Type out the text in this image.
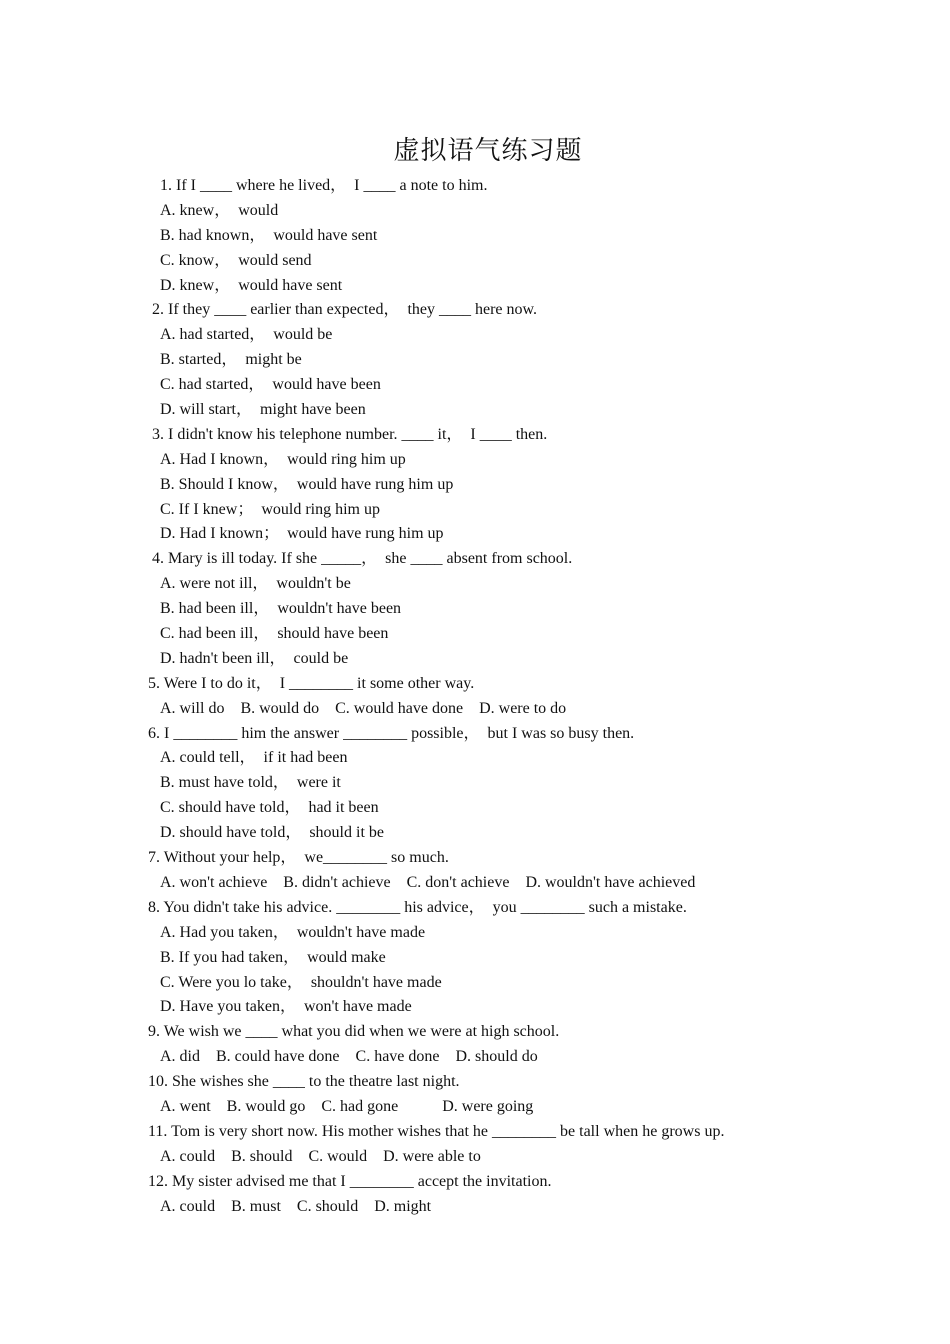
虚拟语气练习题
1. If I ____ where he lived，  I ____ a note to him.
A. knew，  would
B. had known，  would have sent
C. know，  would send
D. knew，  would have sent
2. If they ____ earlier than expected，  they ____ here now.
A. had started，  would be
B. started，  might be
C. had started，  would have been
D. will start，  might have been
3. I didn't know his telephone number. ____ it，  I ____ then.
A. Had I known，  would ring him up
B. Should I know，  would have rung him up
C. If I knew；  would ring him up
D. Had I known；  would have rung him up
4. Mary is ill today. If she _____，  she ____ absent from school.
A. were not ill，  wouldn't be
B. had been ill，  wouldn't have been
C. had been ill，  should have been
D. hadn't been ill，  could be
5. Were I to do it，  I ________ it some other way.
A. will do    B. would do    C. would have done    D. were to do
6. I ________ him the answer ________ possible，  but I was so busy then.
A. could tell，  if it had been
B. must have told，  were it
C. should have told，  had it been
D. should have told，  should it be
7. Without your help，  we________ so much.
A. won't achieve    B. didn't achieve    C. don't achieve    D. wouldn't have achieved
8. You didn't take his advice. ________ his advice，  you ________ such a mistake.
A. Had you taken，  wouldn't have made
B. If you had taken，  would make
C. Were you lo take，  shouldn't have made
D. Have you taken，  won't have made
9. We wish we ____ what you did when we were at high school.
A. did    B. could have done    C. have done    D. should do
10. She wishes she ____ to the theatre last night.
A. went    B. would go    C. had gone           D. were going
11. Tom is very short now. His mother wishes that he ________ be tall when he grows up.
A. could    B. should    C. would    D. were able to
12. My sister advised me that I ________ accept the invitation.
A. could    B. must    C. should    D. might
